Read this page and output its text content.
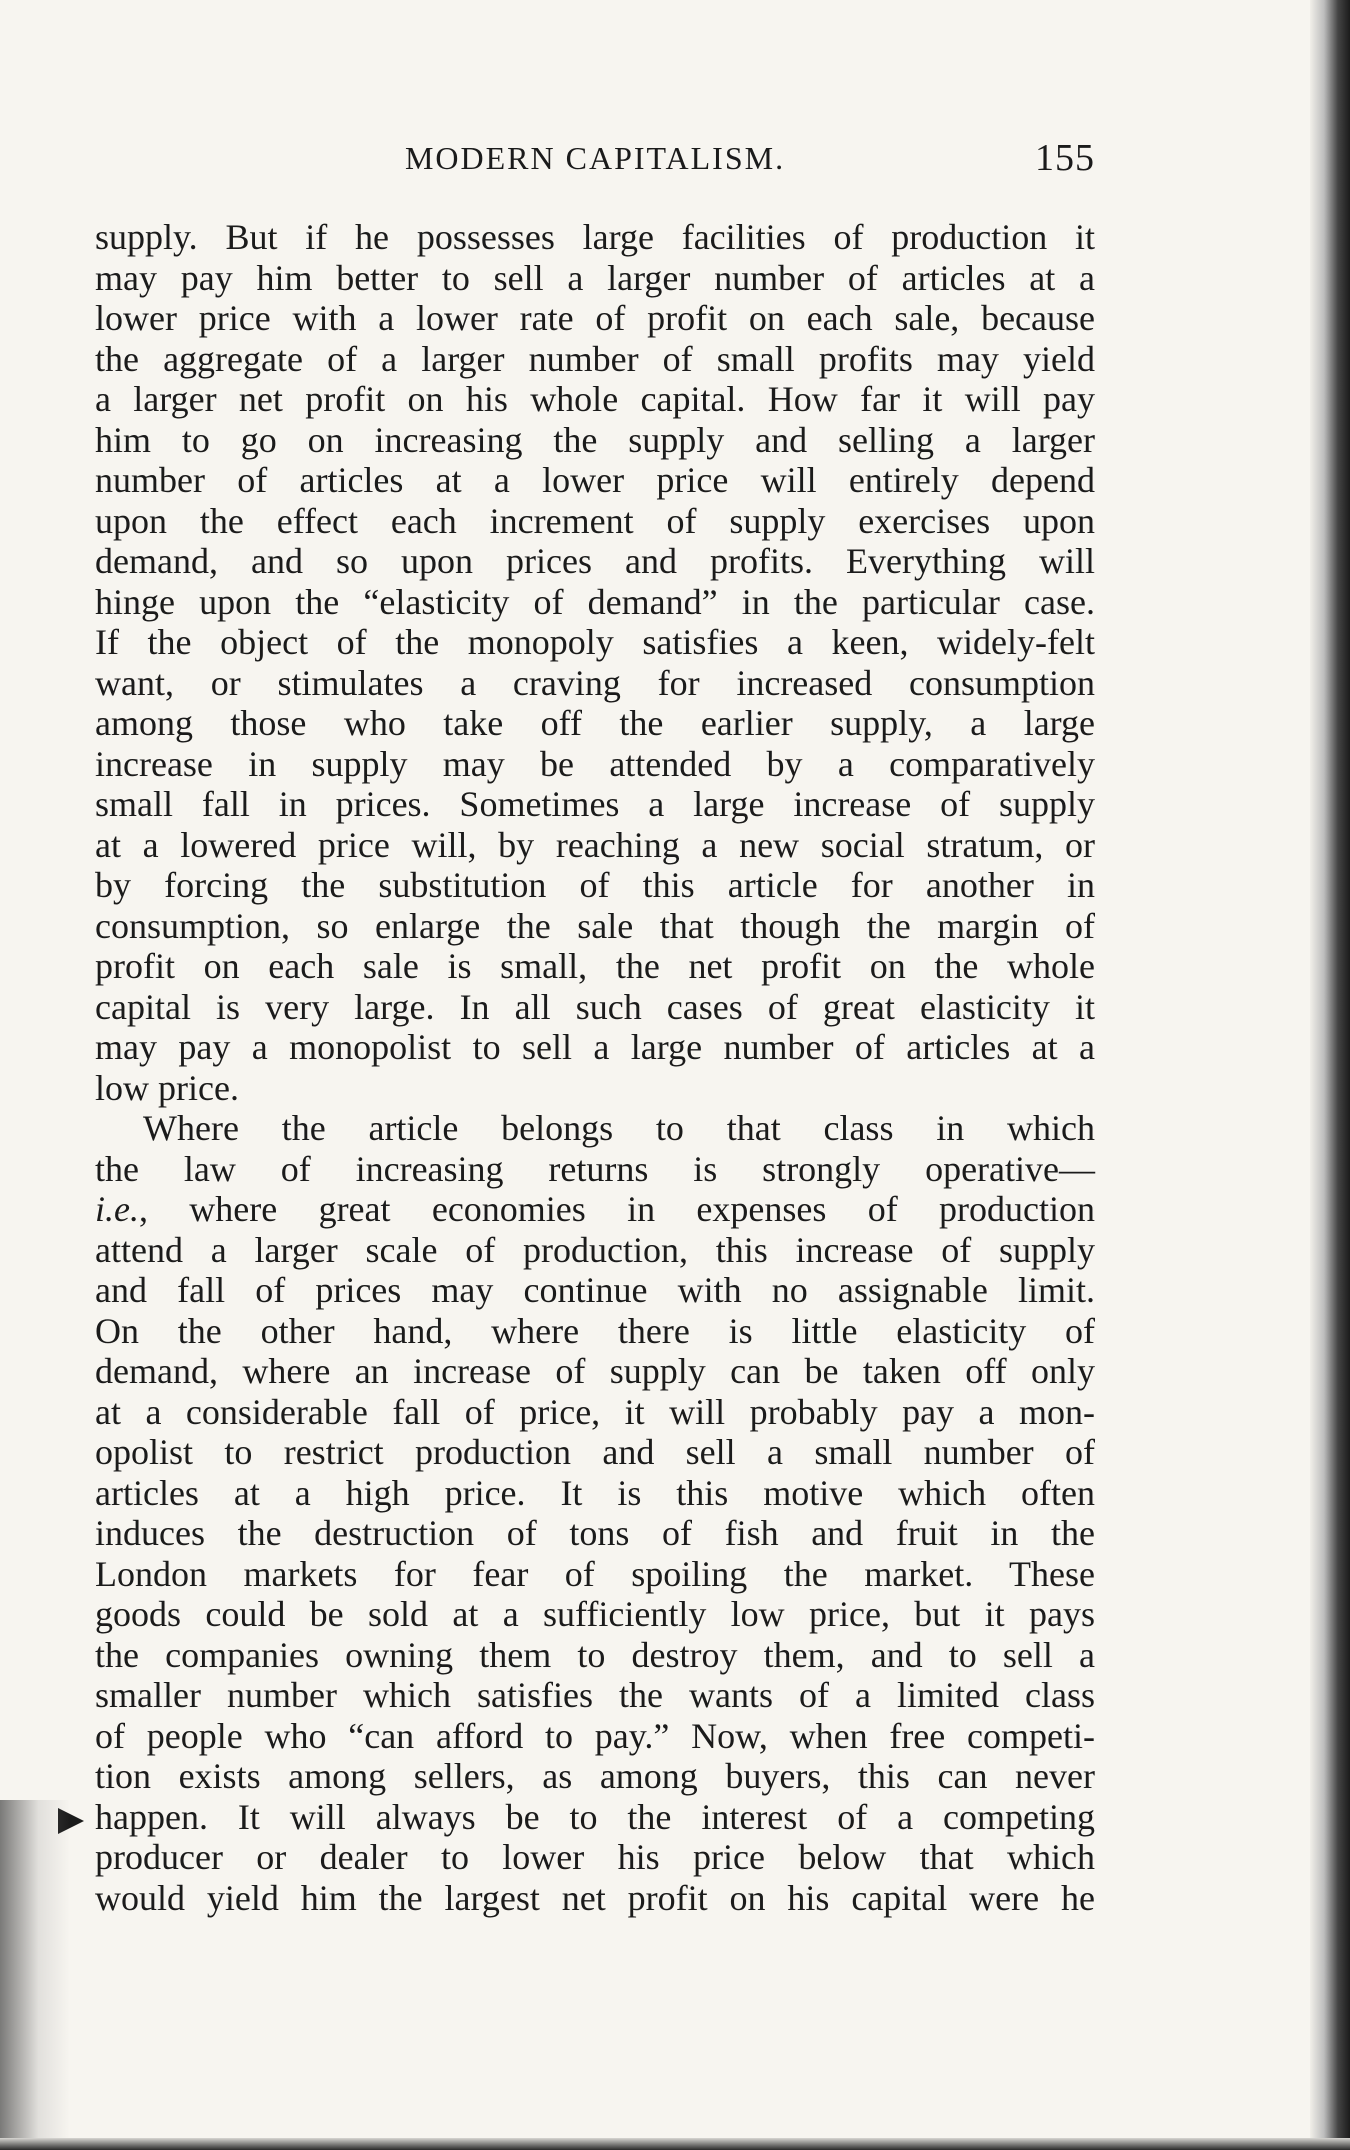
MODERN CAPITALISM.	155
supply. But if he possesses large facilities of production it
may pay him better to sell a larger number of articles at a
lower price with a lower rate of profit on each sale, because
the aggregate of a larger number of small profits may yield
a larger net profit on his whole capital. How far it will pay
him to go on increasing the supply and selling a larger
number of articles at a lower price will entirely depend
upon the effect each increment of supply exercises upon
demand, and so upon prices and profits. Everything will
hinge upon the “elasticity of demand” in the particular case.
If the object of the monopoly satisfies a keen, widely-felt
want, or stimulates a craving for increased consumption
among those who take off the earlier supply, a large
increase in supply may be attended by a comparatively
small fall in prices. Sometimes a large increase of supply
at a lowered price will, by reaching a new social stratum, or
by forcing the substitution of this article for another in
consumption, so enlarge the sale that though the margin of
profit on each sale is small, the net profit on the whole
capital is very large. In all such cases of great elasticity it
may pay a monopolist to sell a large number of articles at a
low price.
Where the article belongs to that class in which
the law of increasing returns is strongly operative—
i.e., where great economies in expenses of production
attend a larger scale of production, this increase of supply
and fall of prices may continue with no assignable limit.
On the other hand, where there is little elasticity of
demand, where an increase of supply can be taken off only
at a considerable fall of price, it will probably pay a mon-
opolist to restrict production and sell a small number of
articles at a high price. It is this motive which often
induces the destruction of tons of fish and fruit in the
London markets for fear of spoiling the market. These
goods could be sold at a sufficiently low price, but it pays
the companies owning them to destroy them, and to sell a
smaller number which satisfies the wants of a limited class
of people who “can afford to pay.” Now, when free competi-
tion exists among sellers, as among buyers, this can never
happen. It will always be to the interest of a competing
producer or dealer to lower his price below that which
would yield him the largest net profit on his capital were he
